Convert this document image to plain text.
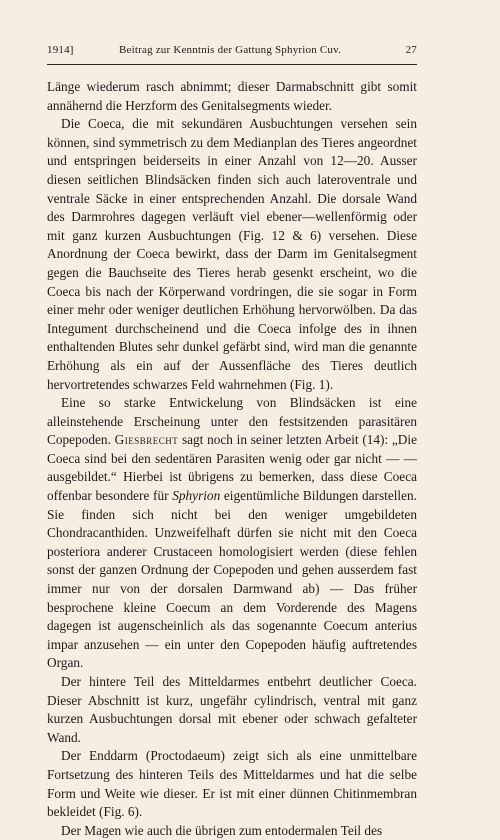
1914]	Beitrag zur Kenntnis der Gattung Sphyrion Cuv.	27

Länge wiederum rasch abnimmt; dieser Darmabschnitt gibt somit annähernd die Herzform des Genitalsegments wieder.

Die Coeca, die mit sekundären Ausbuchtungen versehen sein können, sind symmetrisch zu dem Medianplan des Tieres angeordnet und entspringen beiderseits in einer Anzahl von 12—20. Ausser diesen seitlichen Blindsäcken finden sich auch lateroventrale und ventrale Säcke in einer entsprechenden Anzahl. Die dorsale Wand des Darmrohres dagegen verläuft viel ebener—wellenförmig oder mit ganz kurzen Ausbuchtungen (Fig. 12 & 6) versehen. Diese Anordnung der Coeca bewirkt, dass der Darm im Genitalsegment gegen die Bauchseite des Tieres herab gesenkt erscheint, wo die Coeca bis nach der Körperwand vordringen, die sie sogar in Form einer mehr oder weniger deutlichen Erhöhung hervorwölben. Da das Integument durchscheinend und die Coeca infolge des in ihnen enthaltenden Blutes sehr dunkel gefärbt sind, wird man die genannte Erhöhung als ein auf der Aussenfläche des Tieres deutlich hervortretendes schwarzes Feld wahrnehmen (Fig. 1).

Eine so starke Entwickelung von Blindsäcken ist eine alleinstehende Erscheinung unter den festsitzenden parasitären Copepoden. Giesbrecht sagt noch in seiner letzten Arbeit (14): „Die Coeca sind bei den sedentären Parasiten wenig oder gar nicht — — ausgebildet.“ Hierbei ist übrigens zu bemerken, dass diese Coeca offenbar besondere für Sphyrion eigentümliche Bildungen darstellen. Sie finden sich nicht bei den weniger umgebildeten Chondracanthiden. Unzweifelhaft dürfen sie nicht mit den Coeca posteriora anderer Crustaceen homologisiert werden (diese fehlen sonst der ganzen Ordnung der Copepoden und gehen ausserdem fast immer nur von der dorsalen Darmwand ab) — Das früher besprochene kleine Coecum an dem Vorderende des Magens dagegen ist augenscheinlich als das sogenannte Coecum anterius impar anzusehen — ein unter den Copepoden häufig auftretendes Organ.

Der hintere Teil des Mitteldarmes entbehrt deutlicher Coeca. Dieser Abschnitt ist kurz, ungefähr cylindrisch, ventral mit ganz kurzen Ausbuchtungen dorsal mit ebener oder schwach gefalteter Wand.

Der Enddarm (Proctodaeum) zeigt sich als eine unmittelbare Fortsetzung des hinteren Teils des Mitteldarmes und hat die selbe Form und Weite wie dieser. Er ist mit einer dünnen Chitinmembran bekleidet (Fig. 6).

Der Magen wie auch die übrigen zum entodermalen Teil des
